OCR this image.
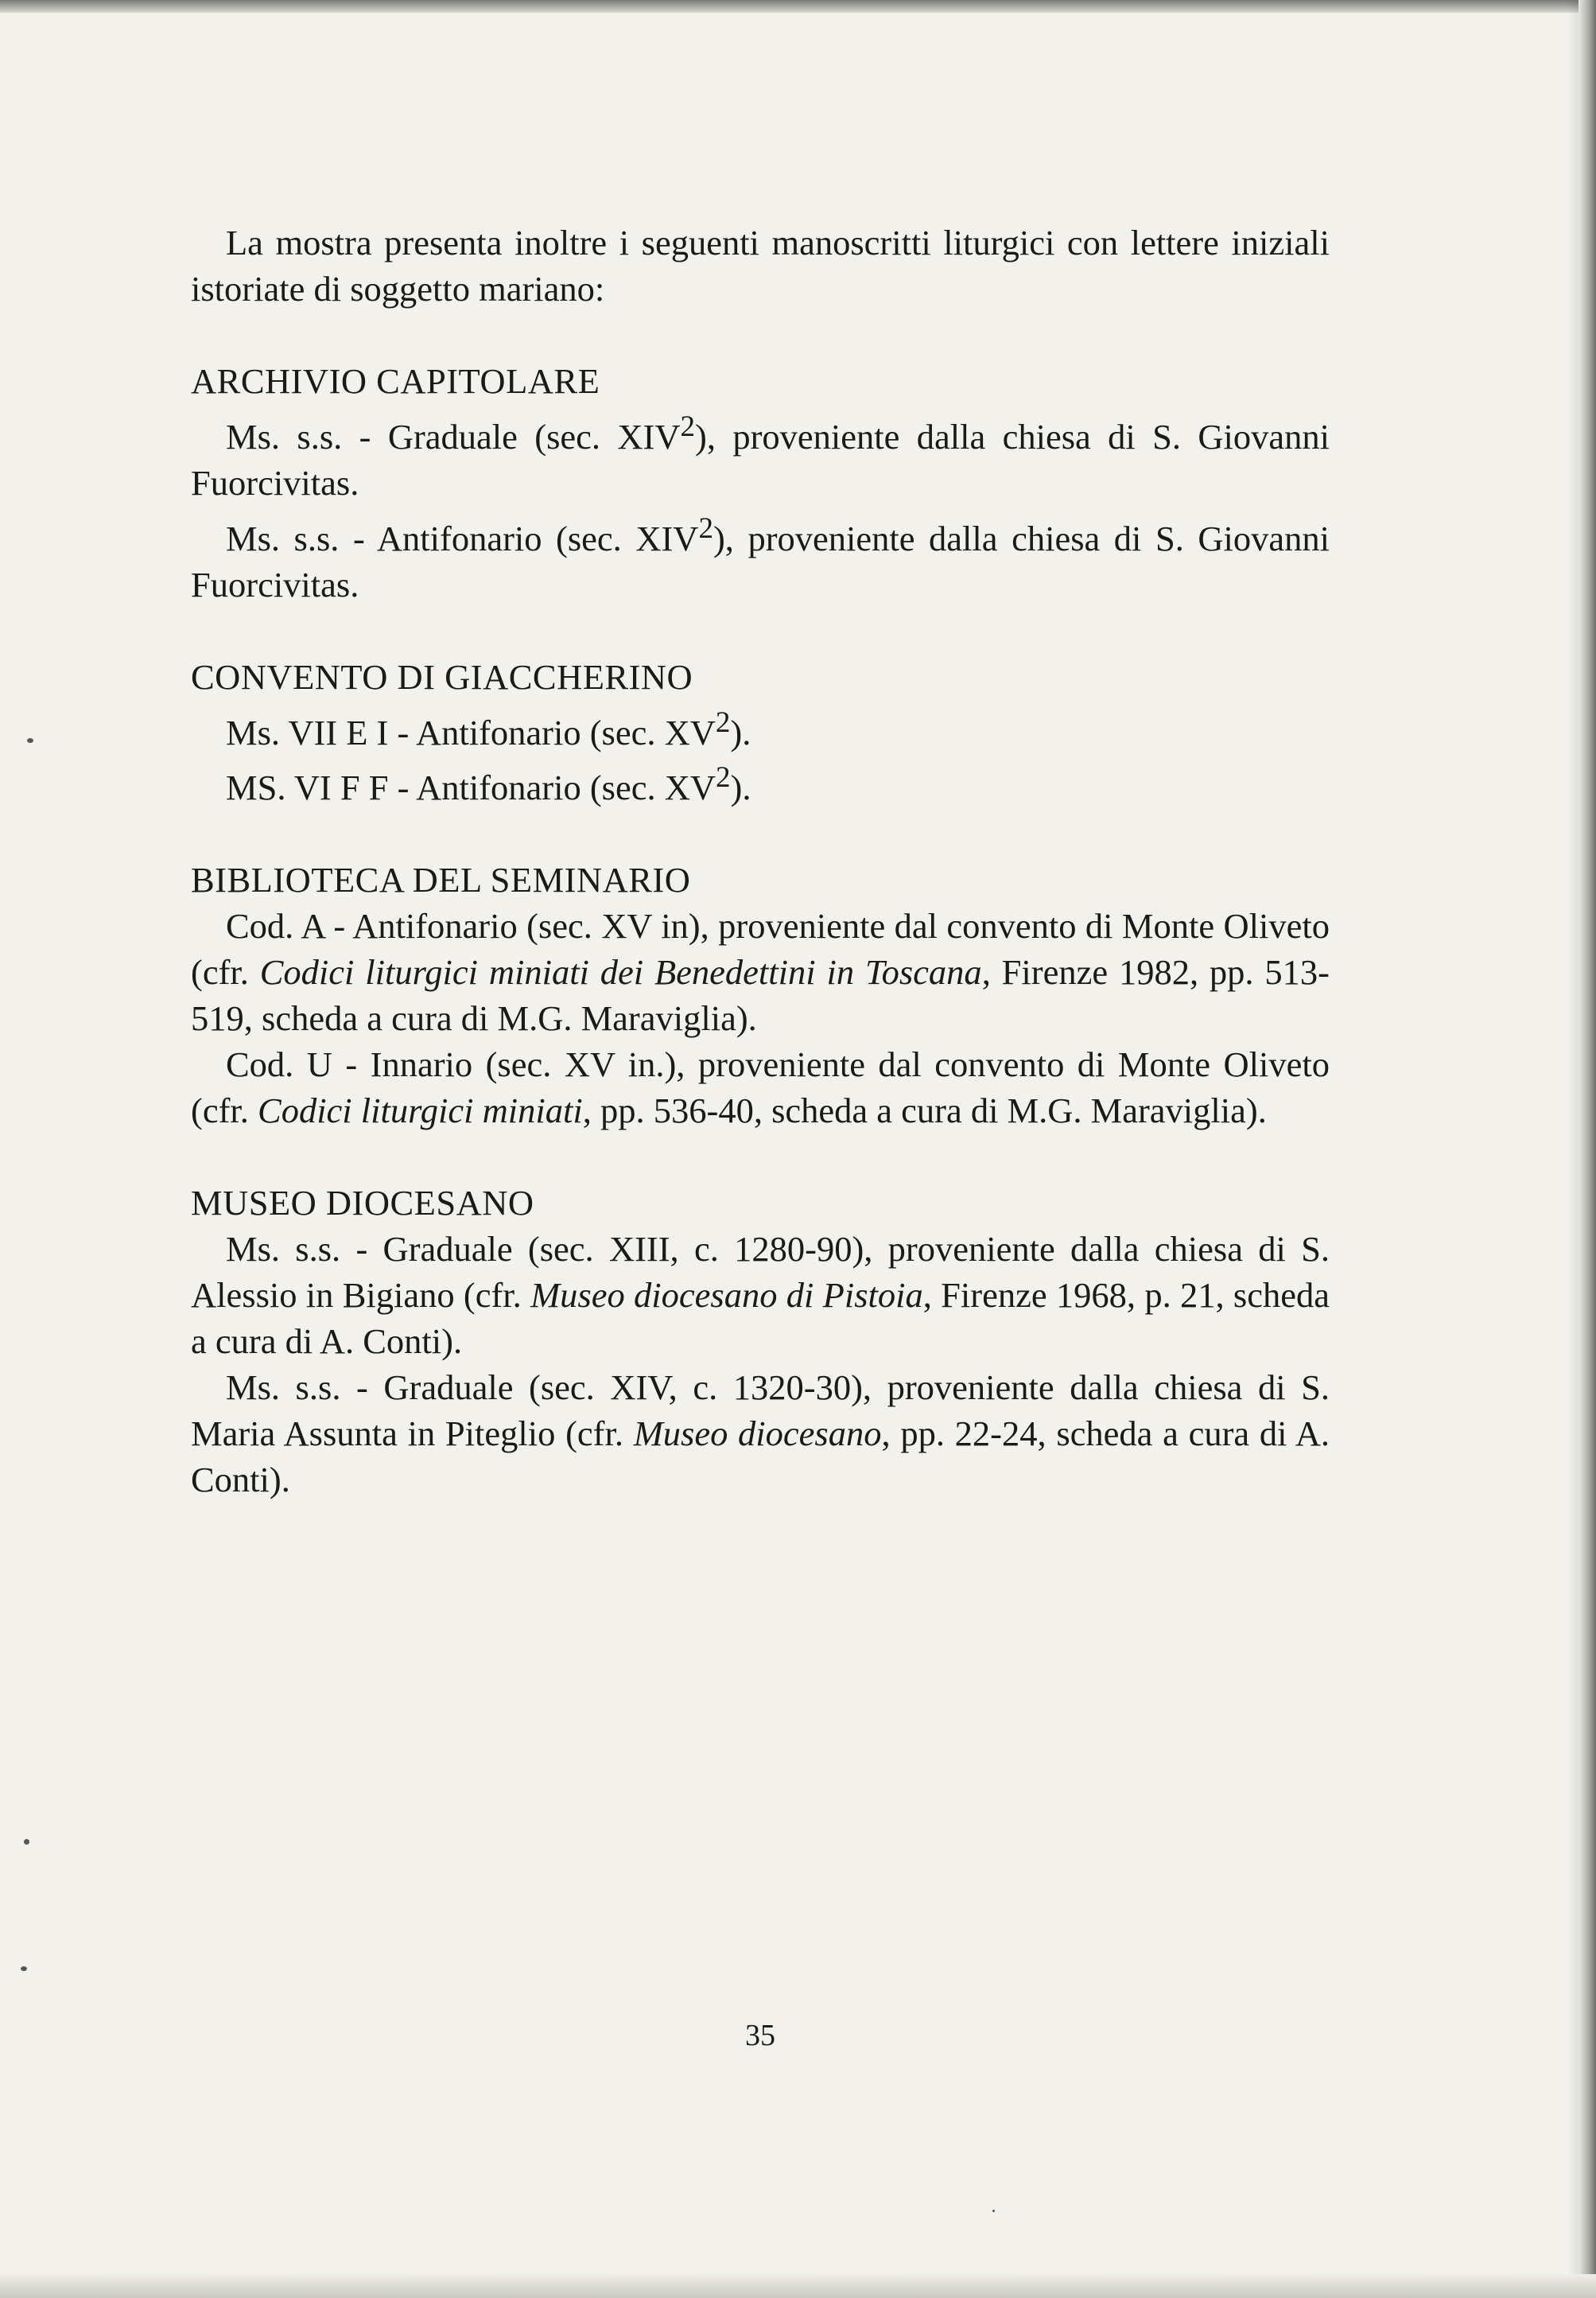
La mostra presenta inoltre i seguenti manoscritti liturgici con lettere iniziali istoriate di soggetto mariano:

ARCHIVIO CAPITOLARE

Ms. s.s. - Graduale (sec. XIV$^2$), proveniente dalla chiesa di S. Giovanni Fuorcivitas.

Ms. s.s. - Antifonario (sec. XIV$^2$), proveniente dalla chiesa di S. Giovanni Fuorcivitas.

CONVENTO DI GIACCHERINO

Ms. VII E I - Antifonario (sec. $XV^2$).

MS. VI F F - Antifonario (sec. $XV^2$).

BIBLIOTECA DEL SEMINARIO

Cod. A - Antifonario (sec. XV in), proveniente dal convento di Monte Oliveto (cfr. Codici liturgici miniati dei Benedettini in Toscana, Firenze 1982, pp. 513-519, scheda a cura di M.G. Maraviglia).

Cod. U - Innario (sec. XV in.), proveniente dal convento di Monte Oliveto (cfr. Codici liturgici miniati, pp. 536-40, scheda a cura di M.G. Maraviglia).

MUSEO DIOCESANO

Ms. s.s. - Graduale (sec. XIII, c. 1280-90), proveniente dalla chiesa di S. Alessio in Bigiano (cfr. Museo diocesano di Pistoia, Firenze 1968, p. 21, scheda a cura di A. Conti).

Ms. s.s. - Graduale (sec. XIV, c. 1320-30), proveniente dalla chiesa di S. Maria Assunta in Piteglio (cfr. Museo diocesano, pp. 22-24, scheda a cura di A. Conti).

35
